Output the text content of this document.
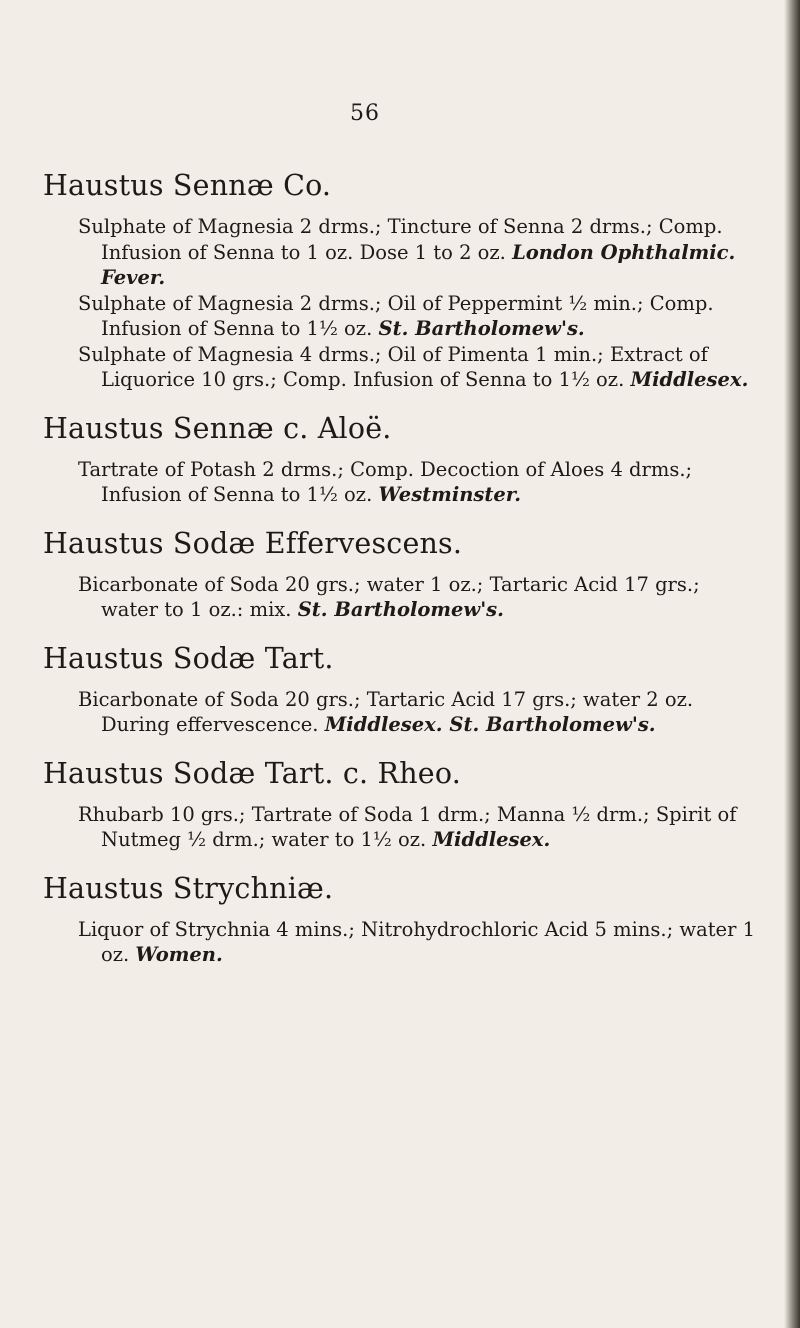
56
Haustus Sennæ Co.

Sulphate of Magnesia 2 drms.; Tincture of Senna 2 drms.; Comp. Infusion of Senna to 1 oz. Dose 1 to 2 oz. London Ophthalmic. Fever.

Sulphate of Magnesia 2 drms.; Oil of Peppermint ½ min.; Comp. Infusion of Senna to 1½ oz. St. Bartholomew's.

Sulphate of Magnesia 4 drms.; Oil of Pimenta 1 min.; Extract of Liquorice 10 grs.; Comp. Infusion of Senna to 1½ oz. Middlesex.

Haustus Sennæ c. Aloë.

Tartrate of Potash 2 drms.; Comp. Decoction of Aloes 4 drms.; Infusion of Senna to 1½ oz. Westminster.

Haustus Sodæ Effervescens.

Bicarbonate of Soda 20 grs.; water 1 oz.; Tartaric Acid 17 grs.; water to 1 oz.: mix. St. Bartholomew's.

Haustus Sodæ Tart.

Bicarbonate of Soda 20 grs.; Tartaric Acid 17 grs.; water 2 oz. During effervescence. Middlesex. St. Bartholomew's.

Haustus Sodæ Tart. c. Rheo.

Rhubarb 10 grs.; Tartrate of Soda 1 drm.; Manna ½ drm.; Spirit of Nutmeg ½ drm.; water to 1½ oz. Middlesex.

Haustus Strychniæ.

Liquor of Strychnia 4 mins.; Nitrohydrochloric Acid 5 mins.; water 1 oz. Women.
